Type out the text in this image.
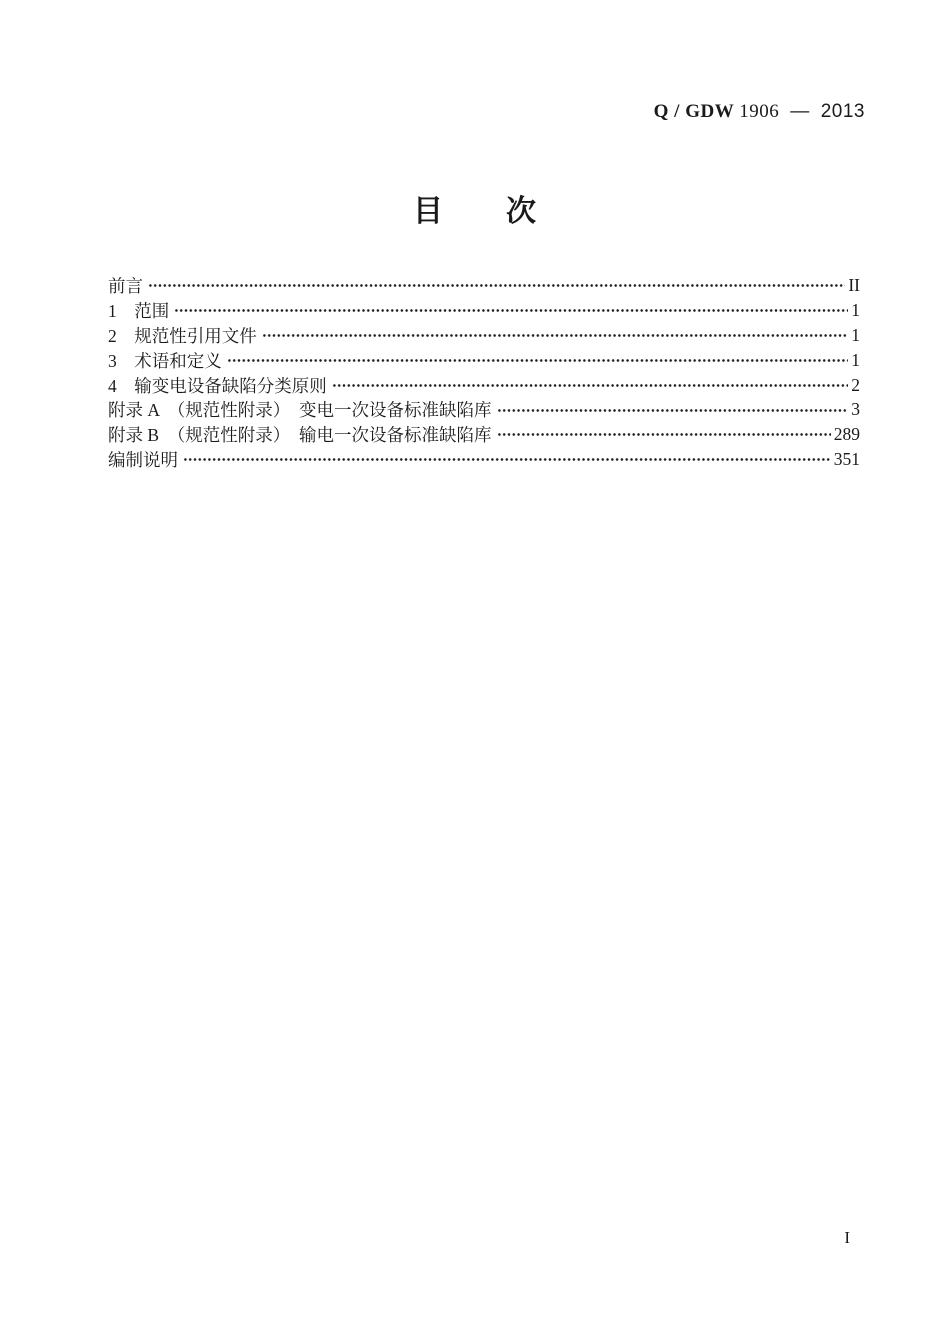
Q / GDW 1906 — 2013
目　　次
前言	II
1　范围	1
2　规范性引用文件	1
3　术语和定义	1
4　输变电设备缺陷分类原则	2
附录 A　（规范性附录）　变电一次设备标准缺陷库	3
附录 B　（规范性附录）　输电一次设备标准缺陷库	289
编制说明	351
I
